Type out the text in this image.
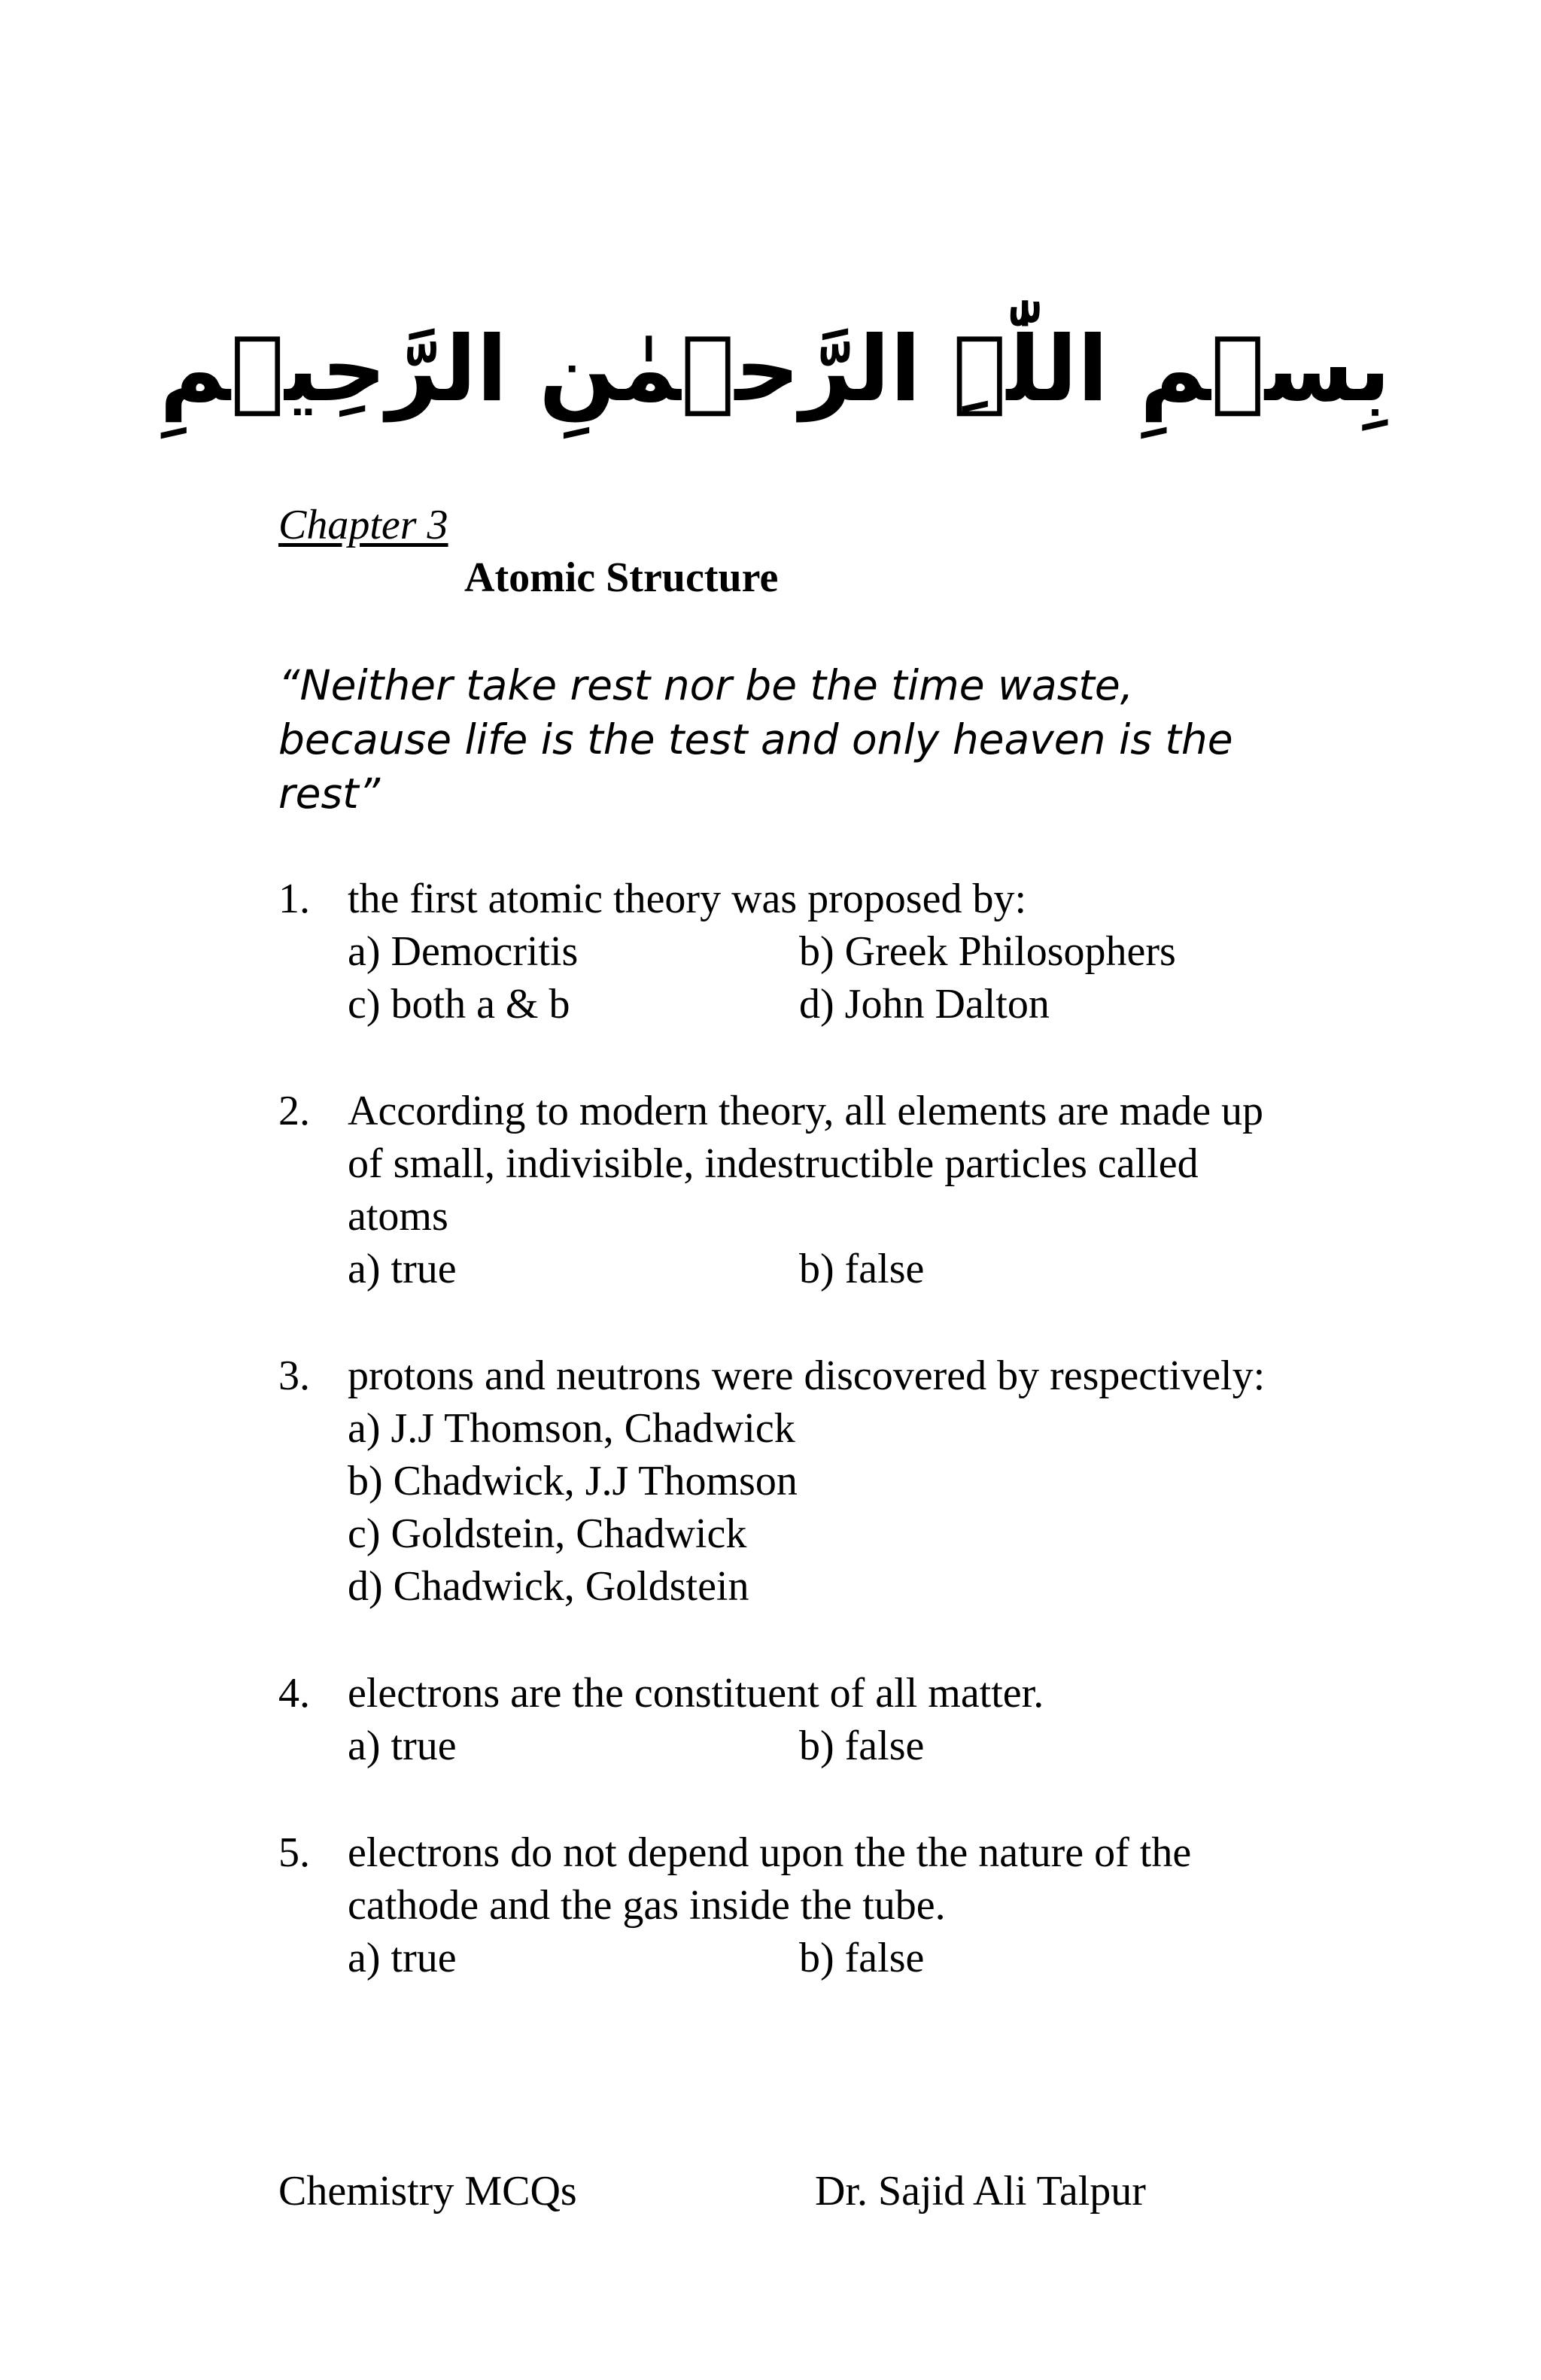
بِسۡمِ اللّٰہِ الرَّحۡمٰنِ الرَّحِیۡمِ
Chapter 3
Atomic Structure
“Neither take rest nor be the time waste, because life is the test and only heaven is the rest”
1. the first atomic theory was proposed by:
a) Democritis	b) Greek Philosophers
c) both a & b	d) John Dalton
2. According to modern theory, all elements are made up of small, indivisible, indestructible particles called atoms
a) true	b) false
3. protons and neutrons were discovered by respectively:
a) J.J Thomson, Chadwick
b) Chadwick, J.J Thomson
c) Goldstein, Chadwick
d) Chadwick, Goldstein
4. electrons are the constituent of all matter.
a) true	b) false
5. electrons do not depend upon the the nature of the cathode and the gas inside the tube.
a) true	b) false
Chemistry MCQs	Dr. Sajid Ali Talpur
